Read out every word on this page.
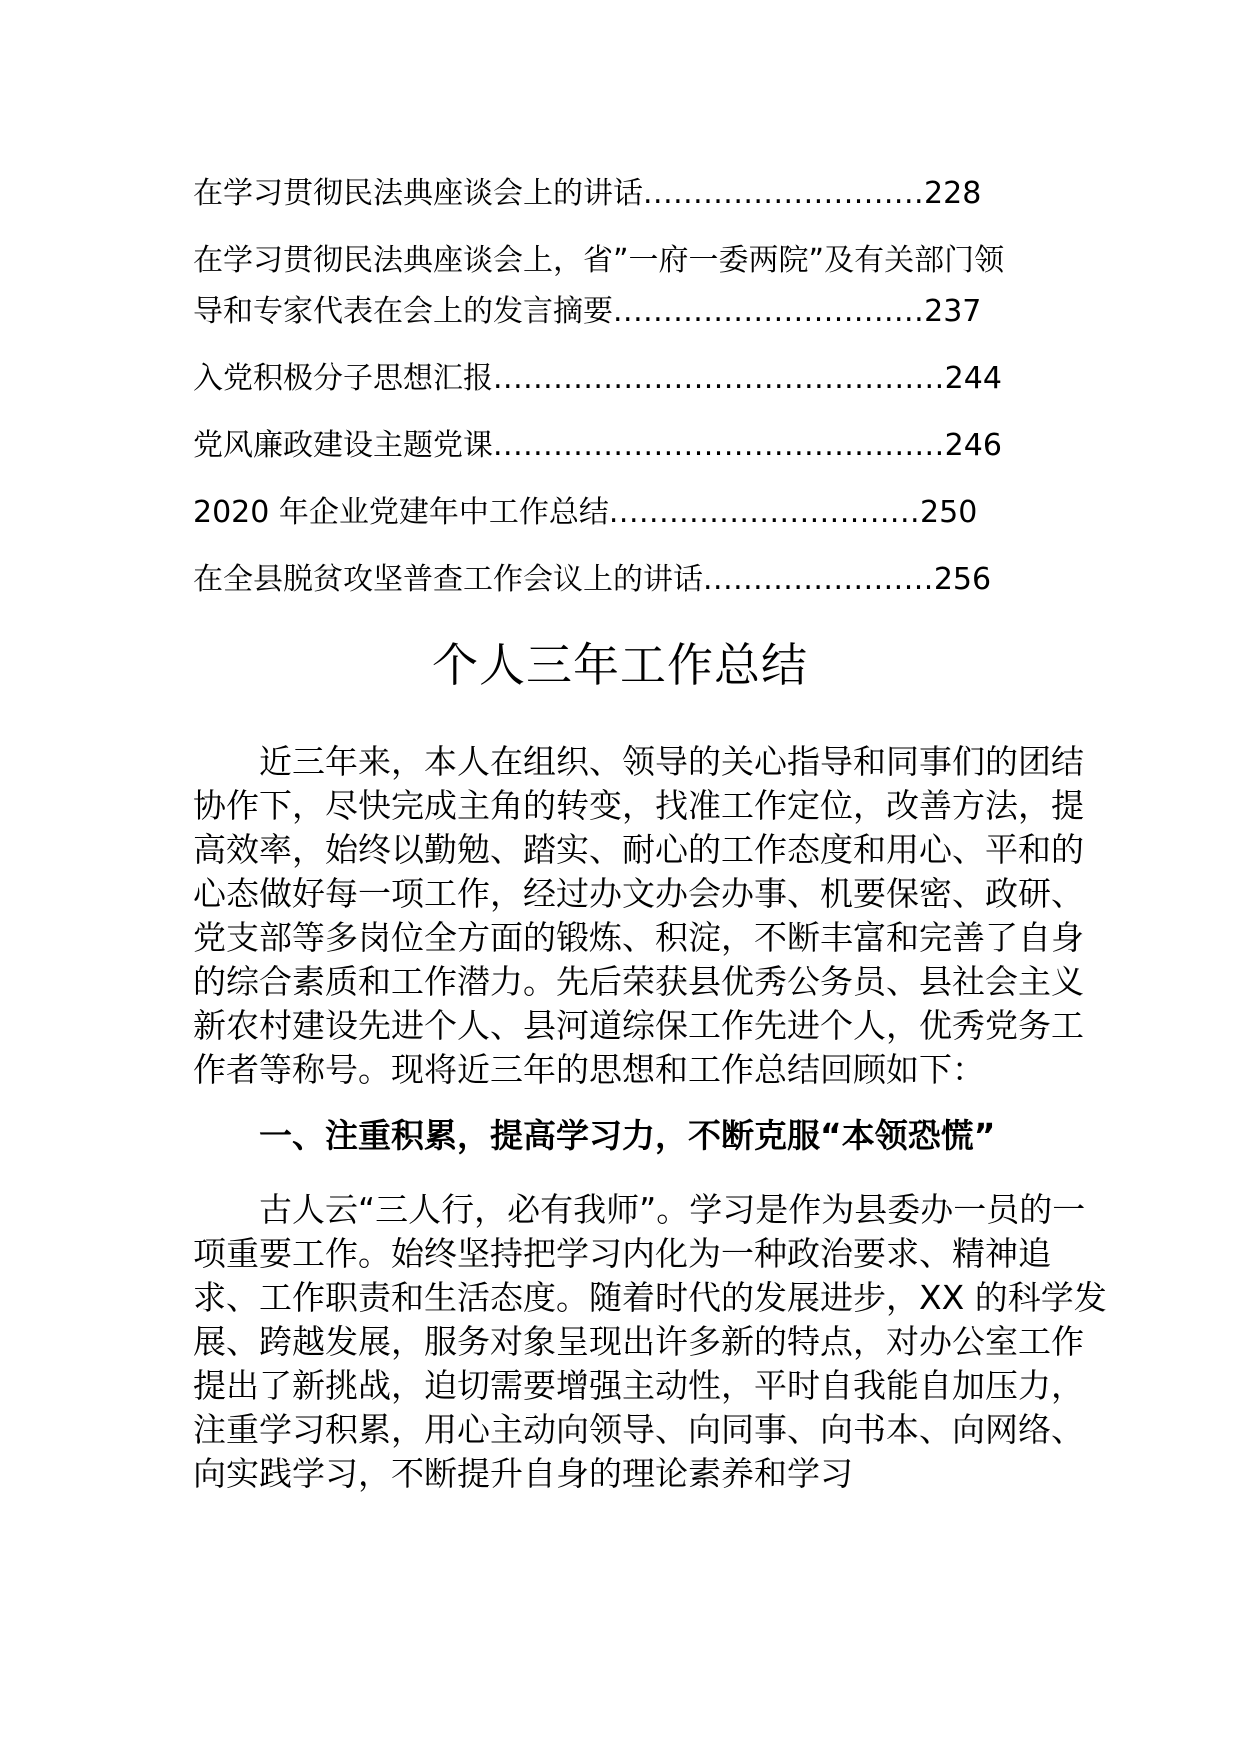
在学习贯彻民法典座谈会上的讲话............................228
在学习贯彻民法典座谈会上，省”一府一委两院”及有关部门领
导和专家代表在会上的发言摘要...............................237
入党积极分子思想汇报.............................................244
党风廉政建设主题党课.............................................246
2020 年企业党建年中工作总结...............................250
在全县脱贫攻坚普查工作会议上的讲话.......................256
个人三年工作总结

近三年来，本人在组织、领导的关心指导和同事们的团结协作下，尽快完成主角的转变，找准工作定位，改善方法，提高效率，始终以勤勉、踏实、耐心的工作态度和用心、平和的心态做好每一项工作，经过办文办会办事、机要保密、政研、党支部等多岗位全方面的锻炼、积淀，不断丰富和完善了自身的综合素质和工作潜力。先后荣获县优秀公务员、县社会主义新农村建设先进个人、县河道综保工作先进个人，优秀党务工作者等称号。现将近三年的思想和工作总结回顾如下：

一、注重积累，提高学习力，不断克服“本领恐慌”

古人云“三人行，必有我师”。学习是作为县委办一员的一项重要工作。始终坚持把学习内化为一种政治要求、精神追求、工作职责和生活态度。随着时代的发展进步，XX 的科学发展、跨越发展，服务对象呈现出许多新的特点，对办公室工作提出了新挑战，迫切需要增强主动性，平时自我能自加压力，注重学习积累，用心主动向领导、向同事、向书本、向网络、向实践学习，不断提升自身的理论素养和学习
